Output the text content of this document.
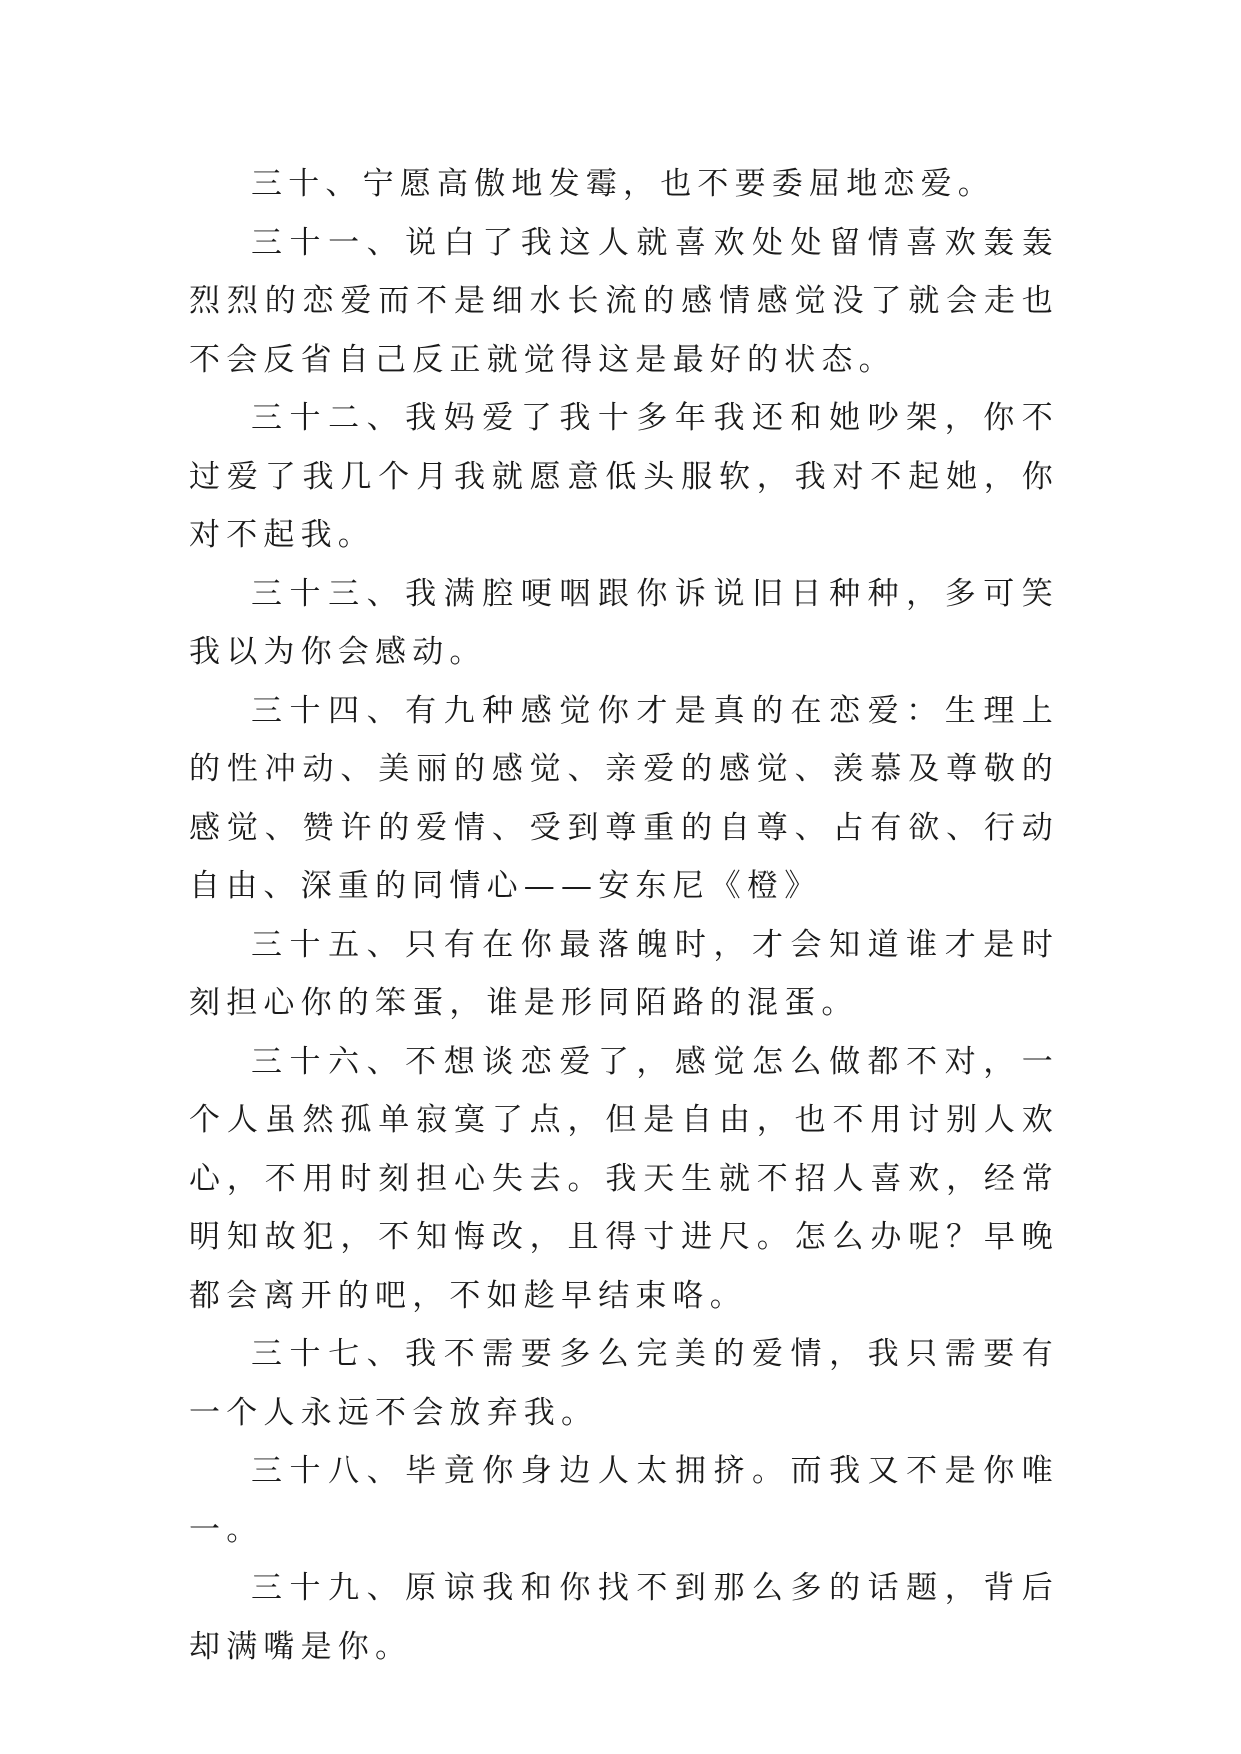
三十、宁愿高傲地发霉，也不要委屈地恋爱。

三十一、说白了我这人就喜欢处处留情喜欢轰轰烈烈的恋爱而不是细水长流的感情感觉没了就会走也不会反省自己反正就觉得这是最好的状态。

三十二、我妈爱了我十多年我还和她吵架，你不过爱了我几个月我就愿意低头服软，我对不起她，你对不起我。

三十三、我满腔哽咽跟你诉说旧日种种，多可笑我以为你会感动。

三十四、有九种感觉你才是真的在恋爱：生理上的性冲动、美丽的感觉、亲爱的感觉、羡慕及尊敬的感觉、赞许的爱情、受到尊重的自尊、占有欲、行动自由、深重的同情心——安东尼《橙》

三十五、只有在你最落魄时，才会知道谁才是时刻担心你的笨蛋，谁是形同陌路的混蛋。

三十六、不想谈恋爱了，感觉怎么做都不对，一个人虽然孤单寂寞了点，但是自由，也不用讨别人欢心，不用时刻担心失去。我天生就不招人喜欢，经常明知故犯，不知悔改，且得寸进尺。怎么办呢？早晚都会离开的吧，不如趁早结束咯。

三十七、我不需要多么完美的爱情，我只需要有一个人永远不会放弃我。

三十八、毕竟你身边人太拥挤。而我又不是你唯一。

三十九、原谅我和你找不到那么多的话题，背后却满嘴是你。
